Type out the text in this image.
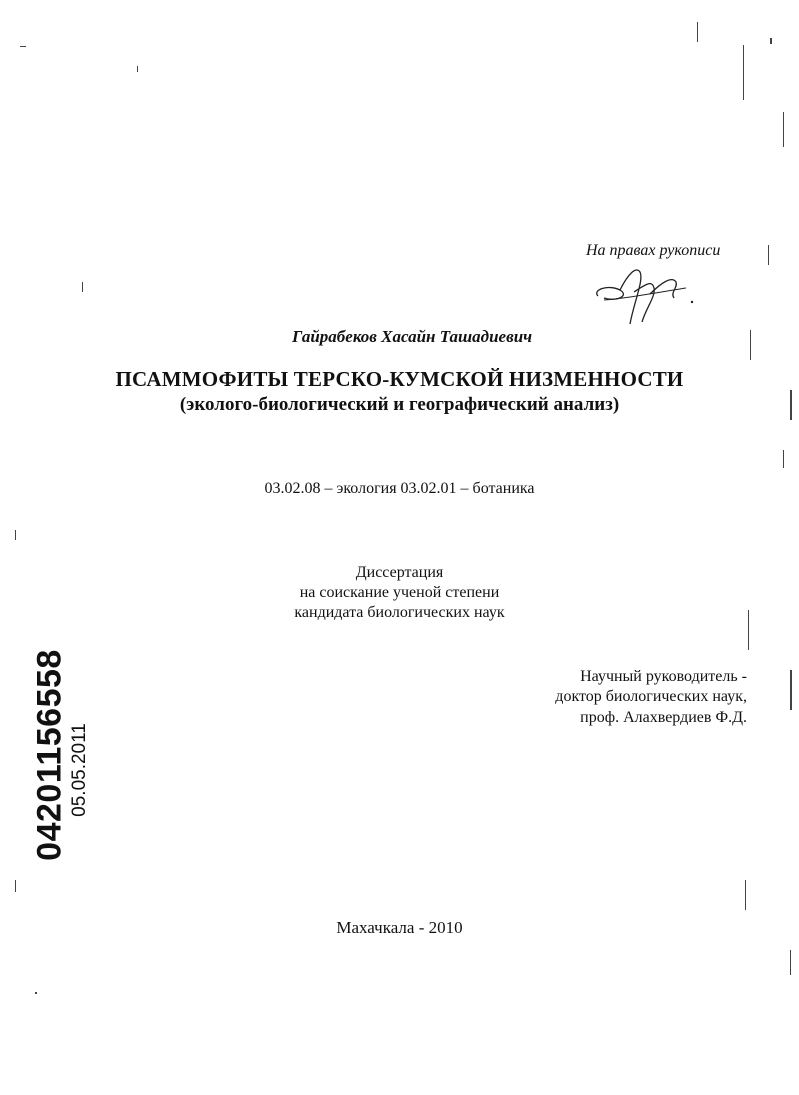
На правах рукописи
Гайрабеков Хасайн Ташадиевич
ПСАММОФИТЫ ТЕРСКО-КУМСКОЙ НИЗМЕННОСТИ
(эколого-биологический и географический анализ)
03.02.08 – экология 03.02.01 – ботаника
Диссертация
на соискание ученой степени
кандидата биологических наук
Научный руководитель -
доктор биологических наук,
проф. Алахвердиев Ф.Д.
Махачкала - 2010
04201156558 05.05.2011
